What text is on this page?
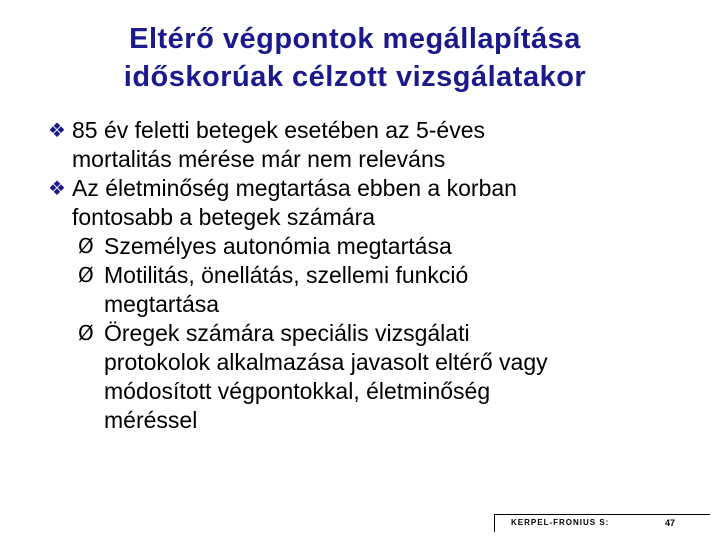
Eltérő végpontok megállapítása
időskorúak célzott vizsgálatakor
❖ 85 év feletti betegek esetében az 5-éves
mortalitás mérése már nem releváns
❖ Az életminőség megtartása ebben a korban
fontosabb a betegek számára
Ø Személyes autonómia megtartása
Ø Motilitás, önellátás, szellemi funkció
megtartása
Ø Öregek számára speciális vizsgálati
protokolok alkalmazása javasolt eltérő vagy
módosított végpontokkal, életminőség
méréssel
KERPEL-FRONIUS S:	47
